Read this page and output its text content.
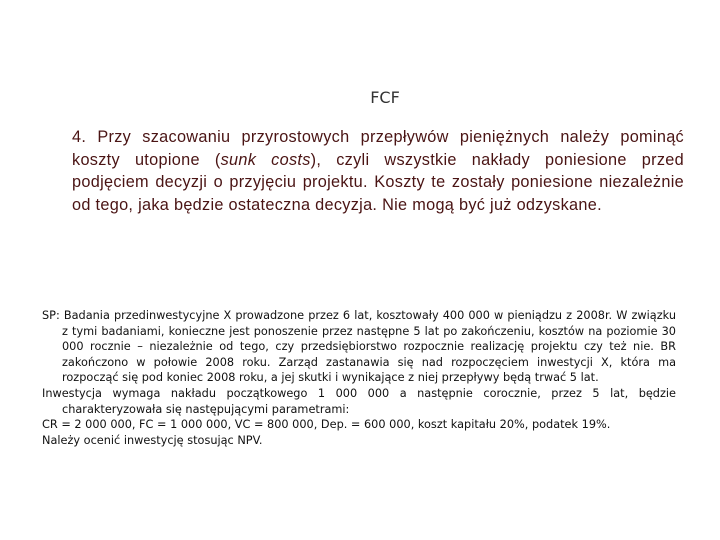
FCF
4. Przy szacowaniu przyrostowych przepływów pieniężnych należy pominąć koszty utopione (sunk costs), czyli wszystkie nakłady poniesione przed podjęciem decyzji o przyjęciu projektu. Koszty te zostały poniesione niezależnie od tego, jaka będzie ostateczna decyzja. Nie mogą być już odzyskane.

SP: Badania przedinwestycyjne X prowadzone przez 6 lat, kosztowały 400 000 w pieniądzu z 2008r. W związku z tymi badaniami, konieczne jest ponoszenie przez następne 5 lat po zakończeniu, kosztów na poziomie 30 000 rocznie – niezależnie od tego, czy przedsiębiorstwo rozpocznie realizację projektu czy też nie. BR zakończono w połowie 2008 roku. Zarząd zastanawia się nad rozpoczęciem inwestycji X, która ma rozpocząć się pod koniec 2008 roku, a jej skutki i wynikające z niej przepływy będą trwać 5 lat.

Inwestycja wymaga nakładu początkowego 1 000 000 a następnie corocznie, przez 5 lat, będzie charakteryzowała się następującymi parametrami:

CR = 2 000 000, FC = 1 000 000, VC = 800 000, Dep. = 600 000, koszt kapitału 20%, podatek 19%.

Należy ocenić inwestycję stosując NPV.
